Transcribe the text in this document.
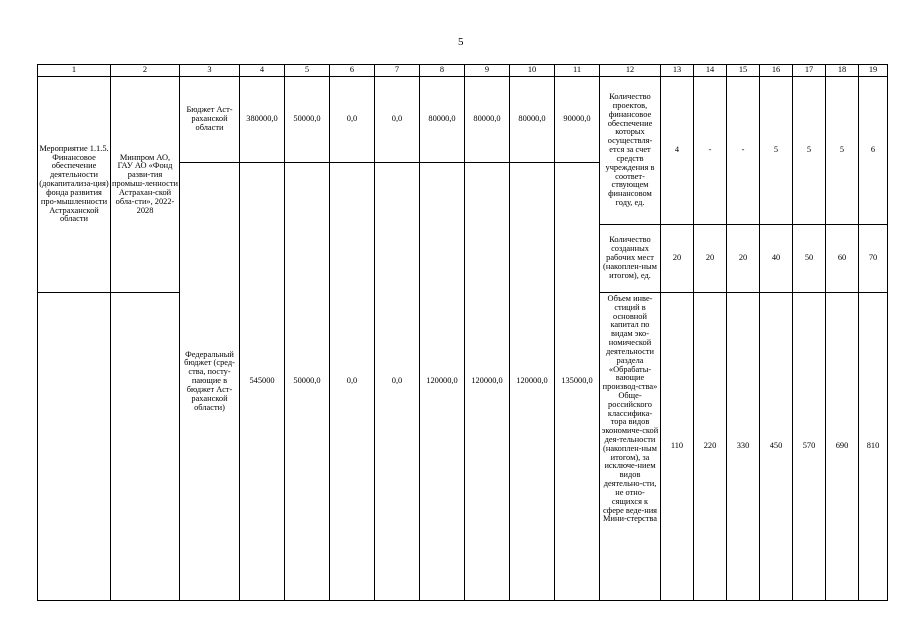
5
1	2	3	4	5	6	7	8	9	10	11	12	13	14	15	16	17	18	19
Мероприятие 1.1.5. Финансовое обеспечение деятельности (докапитализа-ция) фонда развития про-мышленности Астраханской области	Минпром АО, ГАУ АО «Фонд разви-тия промыш-ленности Астрахан-ской обла-сти», 2022-2028	Бюджет Аст-раханской области	380000,0	50000,0	0,0	0,0	80000,0	80000,0	80000,0	90000,0	Количество проектов, финансовое обеспечение которых осуществля-ется за счет средств учреждения в соответ-ствующем финансовом году, ед.	4	-	-	5	5	5	6
		Федеральный бюджет (сред-ства, посту-пающие в бюджет Аст-раханской области)	545000	50000,0	0,0	0,0	120000,0	120000,0	120000,0	135000,0								
											Количество созданных рабочих мест (накоплен-ным итогом), ед.	20	20	20	40	50	60	70
											Объем инве-стиций в основной капитал по видам эко-номической деятельности раздела «Обрабаты-вающие производ-ства» Обще-российского классифика-тора видов экономиче-ской дея-тельности (накоплен-ным итогом), за исключе-нием видов деятельно-сти, не отно-сящихся к сфере веде-ния Мини-стерства	110	220	330	450	570	690	810
